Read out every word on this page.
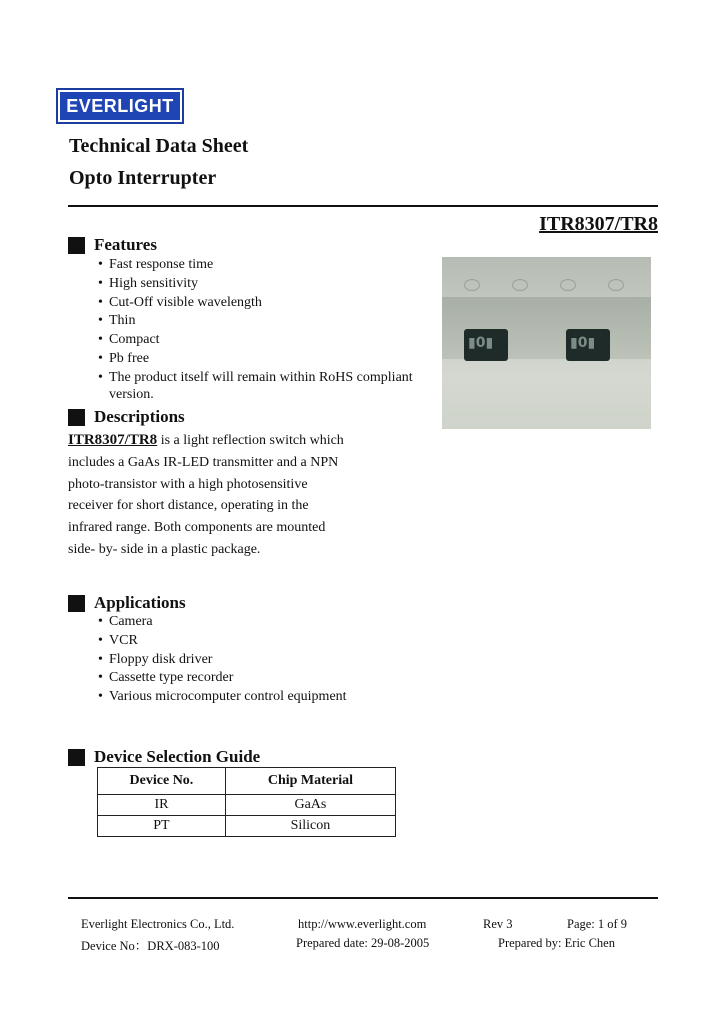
EVERLIGHT
Technical Data Sheet
Opto Interrupter
ITR8307/TR8
Features
• Fast response time
• High sensitivity
• Cut-Off visible wavelength
• Thin
• Compact
• Pb free
• The product itself will remain within RoHS compliant
version.
▮0▮	▮0▮
Descriptions
ITR8307/TR8 is a light reflection switch which
includes a GaAs IR-LED transmitter and a NPN
photo-transistor with a high photosensitive
receiver for short distance, operating in the
infrared range. Both components are mounted
side- by- side in a plastic package.
Applications
• Camera
• VCR
• Floppy disk driver
• Cassette type recorder
• Various microcomputer control equipment
Device Selection Guide
Device No.	Chip Material
IR	GaAs
PT	Silicon
Everlight Electronics Co., Ltd.	http://www.everlight.com	Rev 3	Page: 1 of 9
Device No：DRX-083-100	Prepared date: 29-08-2005	Prepared by: Eric Chen
